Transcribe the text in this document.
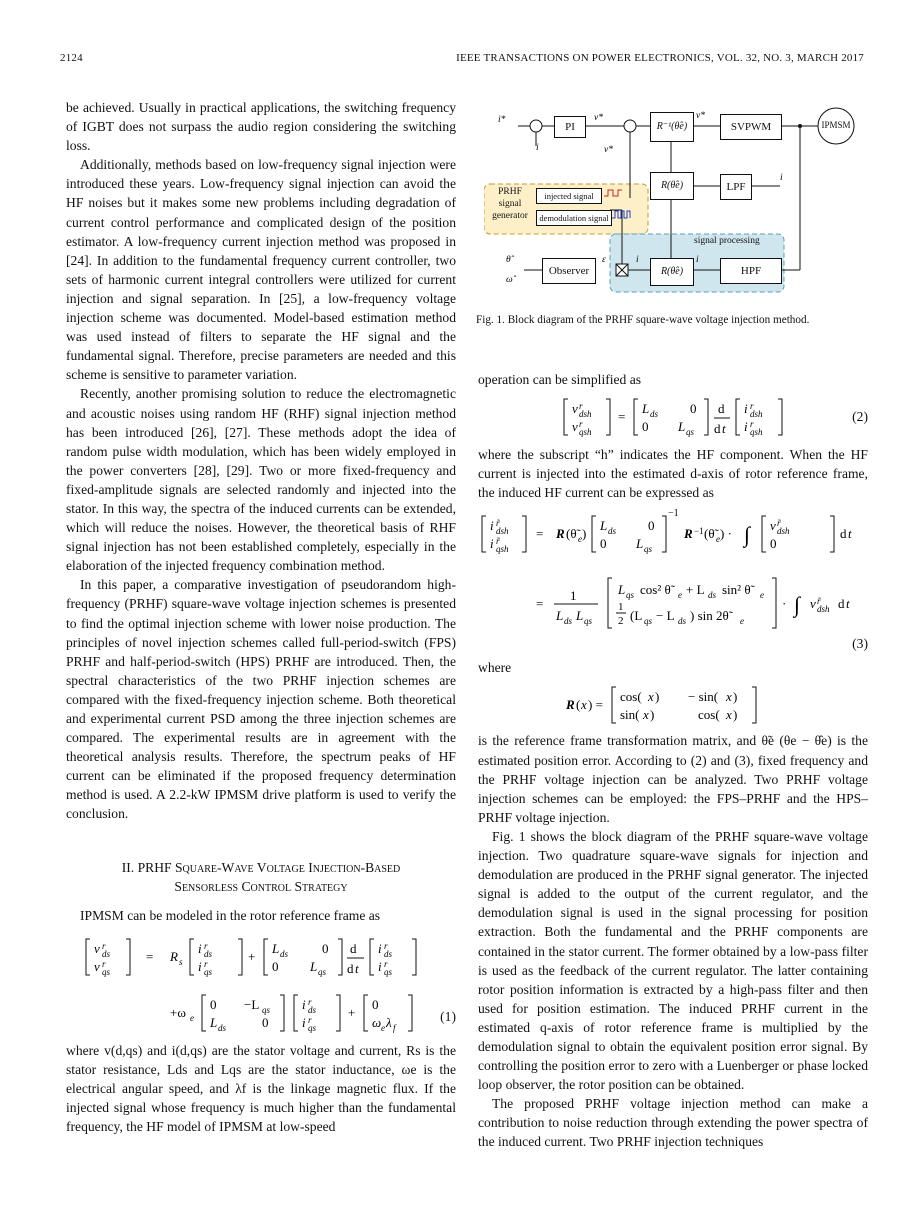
2124	IEEE TRANSACTIONS ON POWER ELECTRONICS, VOL. 32, NO. 3, MARCH 2017

be achieved. Usually in practical applications, the switching frequency of IGBT does not surpass the audio region considering the switching loss.

Additionally, methods based on low-frequency signal injection were introduced these years. Low-frequency signal injection can avoid the HF noises but it makes some new problems including degradation of current control performance and complicated design of the position estimator. A low-frequency current injection method was proposed in [24]. In addition to the fundamental frequency current controller, two sets of harmonic current integral controllers were utilized for current injection and signal separation. In [25], a low-frequency voltage injection scheme was documented. Model-based estimation method was used instead of filters to separate the HF signal and the fundamental signal. Therefore, precise parameters are needed and this scheme is sensitive to parameter variation.

Recently, another promising solution to reduce the electromagnetic and acoustic noises using random HF (RHF) signal injection method has been introduced [26], [27]. These methods adopt the idea of random pulse width modulation, which has been widely employed in the power converters [28], [29]. Two or more fixed-frequency and fixed-amplitude signals are selected randomly and injected into the stator. In this way, the spectra of the induced currents can be extended, which will reduce the noises. However, the theoretical basis of RHF signal injection has not been established completely, especially in the elaboration of the injected frequency combination method.

In this paper, a comparative investigation of pseudorandom high-frequency (PRHF) square-wave voltage injection schemes is presented to find the optimal injection scheme with lower noise production. The principles of novel injection schemes called full-period-switch (FPS) PRHF and half-period-switch (HPS) PRHF are introduced. Then, the spectral characteristics of the two PRHF injection schemes are compared with the fixed-frequency injection scheme. Both theoretical and experimental current PSD among the three injection schemes are compared. The experimental results are in agreement with the theoretical analysis results. Therefore, the spectrum peaks of HF current can be eliminated if the proposed frequency determination method is used. A 2.2-kW IPMSM drive platform is used to verify the conclusion.

II. PRHF Square-Wave Voltage Injection-Based
Sensorless Control Strategy

IPMSM can be modeled in the rotor reference frame as

v r
ds
v r
qs
= R s
i r
ds
i r
qs
+
L ds	0
0 L qs
d
d t
i r
ds
i r
qs
+ω e
0 −L qs
L ds	0
i r
ds
i r
qs
+
0
ω e λ f
(1)

where v(d,qs) and i(d,qs) are the stator voltage and current, Rs is the stator resistance, Lds and Lqs are the stator inductance, ωe is the electrical angular speed, and λf is the linkage magnetic flux. If the injected signal whose frequency is much higher than the fundamental frequency, the HF model of IPMSM at low-speed

i*
i
v*
v*
v*
i
θ̂
ω̂
ε	i	i
PI	R⁻¹(θ̂e)	SVPWM	IPMSM
R(θ̂e)	LPF
Observer	R(θ̂e)	HPF
PRHF signal generator
injected signal
demodulation signal
signal processing
Fig. 1. Block diagram of the PRHF square-wave voltage injection method.

operation can be simplified as

v r
dsh
v r
qsh
=
L ds 0
0 L qs
d
d t
i r
dsh
i r
qsh
(2)

where the subscript “h” indicates the HF component. When the HF current is injected into the estimated d-axis of rotor reference frame, the induced HF current can be expressed as

i r̃
dsh
i r̃
qsh
= R (θ̃ e )
L ds 0
0 L qs
−1
R −1 (θ̃ e ) · ∫ v r̃
dsh
0
d t
=
1
L ds L qs
L qs cos² θ̃ e + L ds sin² θ̃	e
1
2 (L qs − L ds ) sin 2θ̃	e
· ∫ v r̃
dsh d t
(3)

where

R ( x ) =
cos( x ) − sin( x )
sin( x )	cos( x )

is the reference frame transformation matrix, and θ̃e (θe − θ̂e) is the estimated position error. According to (2) and (3), fixed frequency and the PRHF voltage injection can be analyzed. Two PRHF voltage injection schemes can be employed: the FPS–PRHF and the HPS–PRHF voltage injection.

Fig. 1 shows the block diagram of the PRHF square-wave voltage injection. Two quadrature square-wave signals for injection and demodulation are produced in the PRHF signal generator. The injected signal is added to the output of the current regulator, and the demodulation signal is used in the signal processing for position extraction. Both the fundamental and the PRHF components are contained in the stator current. The former obtained by a low-pass filter is used as the feedback of the current regulator. The latter containing rotor position information is extracted by a high-pass filter and then used for position estimation. The induced PRHF current in the estimated q-axis of rotor reference frame is multiplied by the demodulation signal to obtain the equivalent position error signal. By controlling the position error to zero with a Luenberger or phase locked loop observer, the rotor position can be obtained.

The proposed PRHF voltage injection method can make a contribution to noise reduction through extending the power spectra of the induced current. Two PRHF injection techniques
